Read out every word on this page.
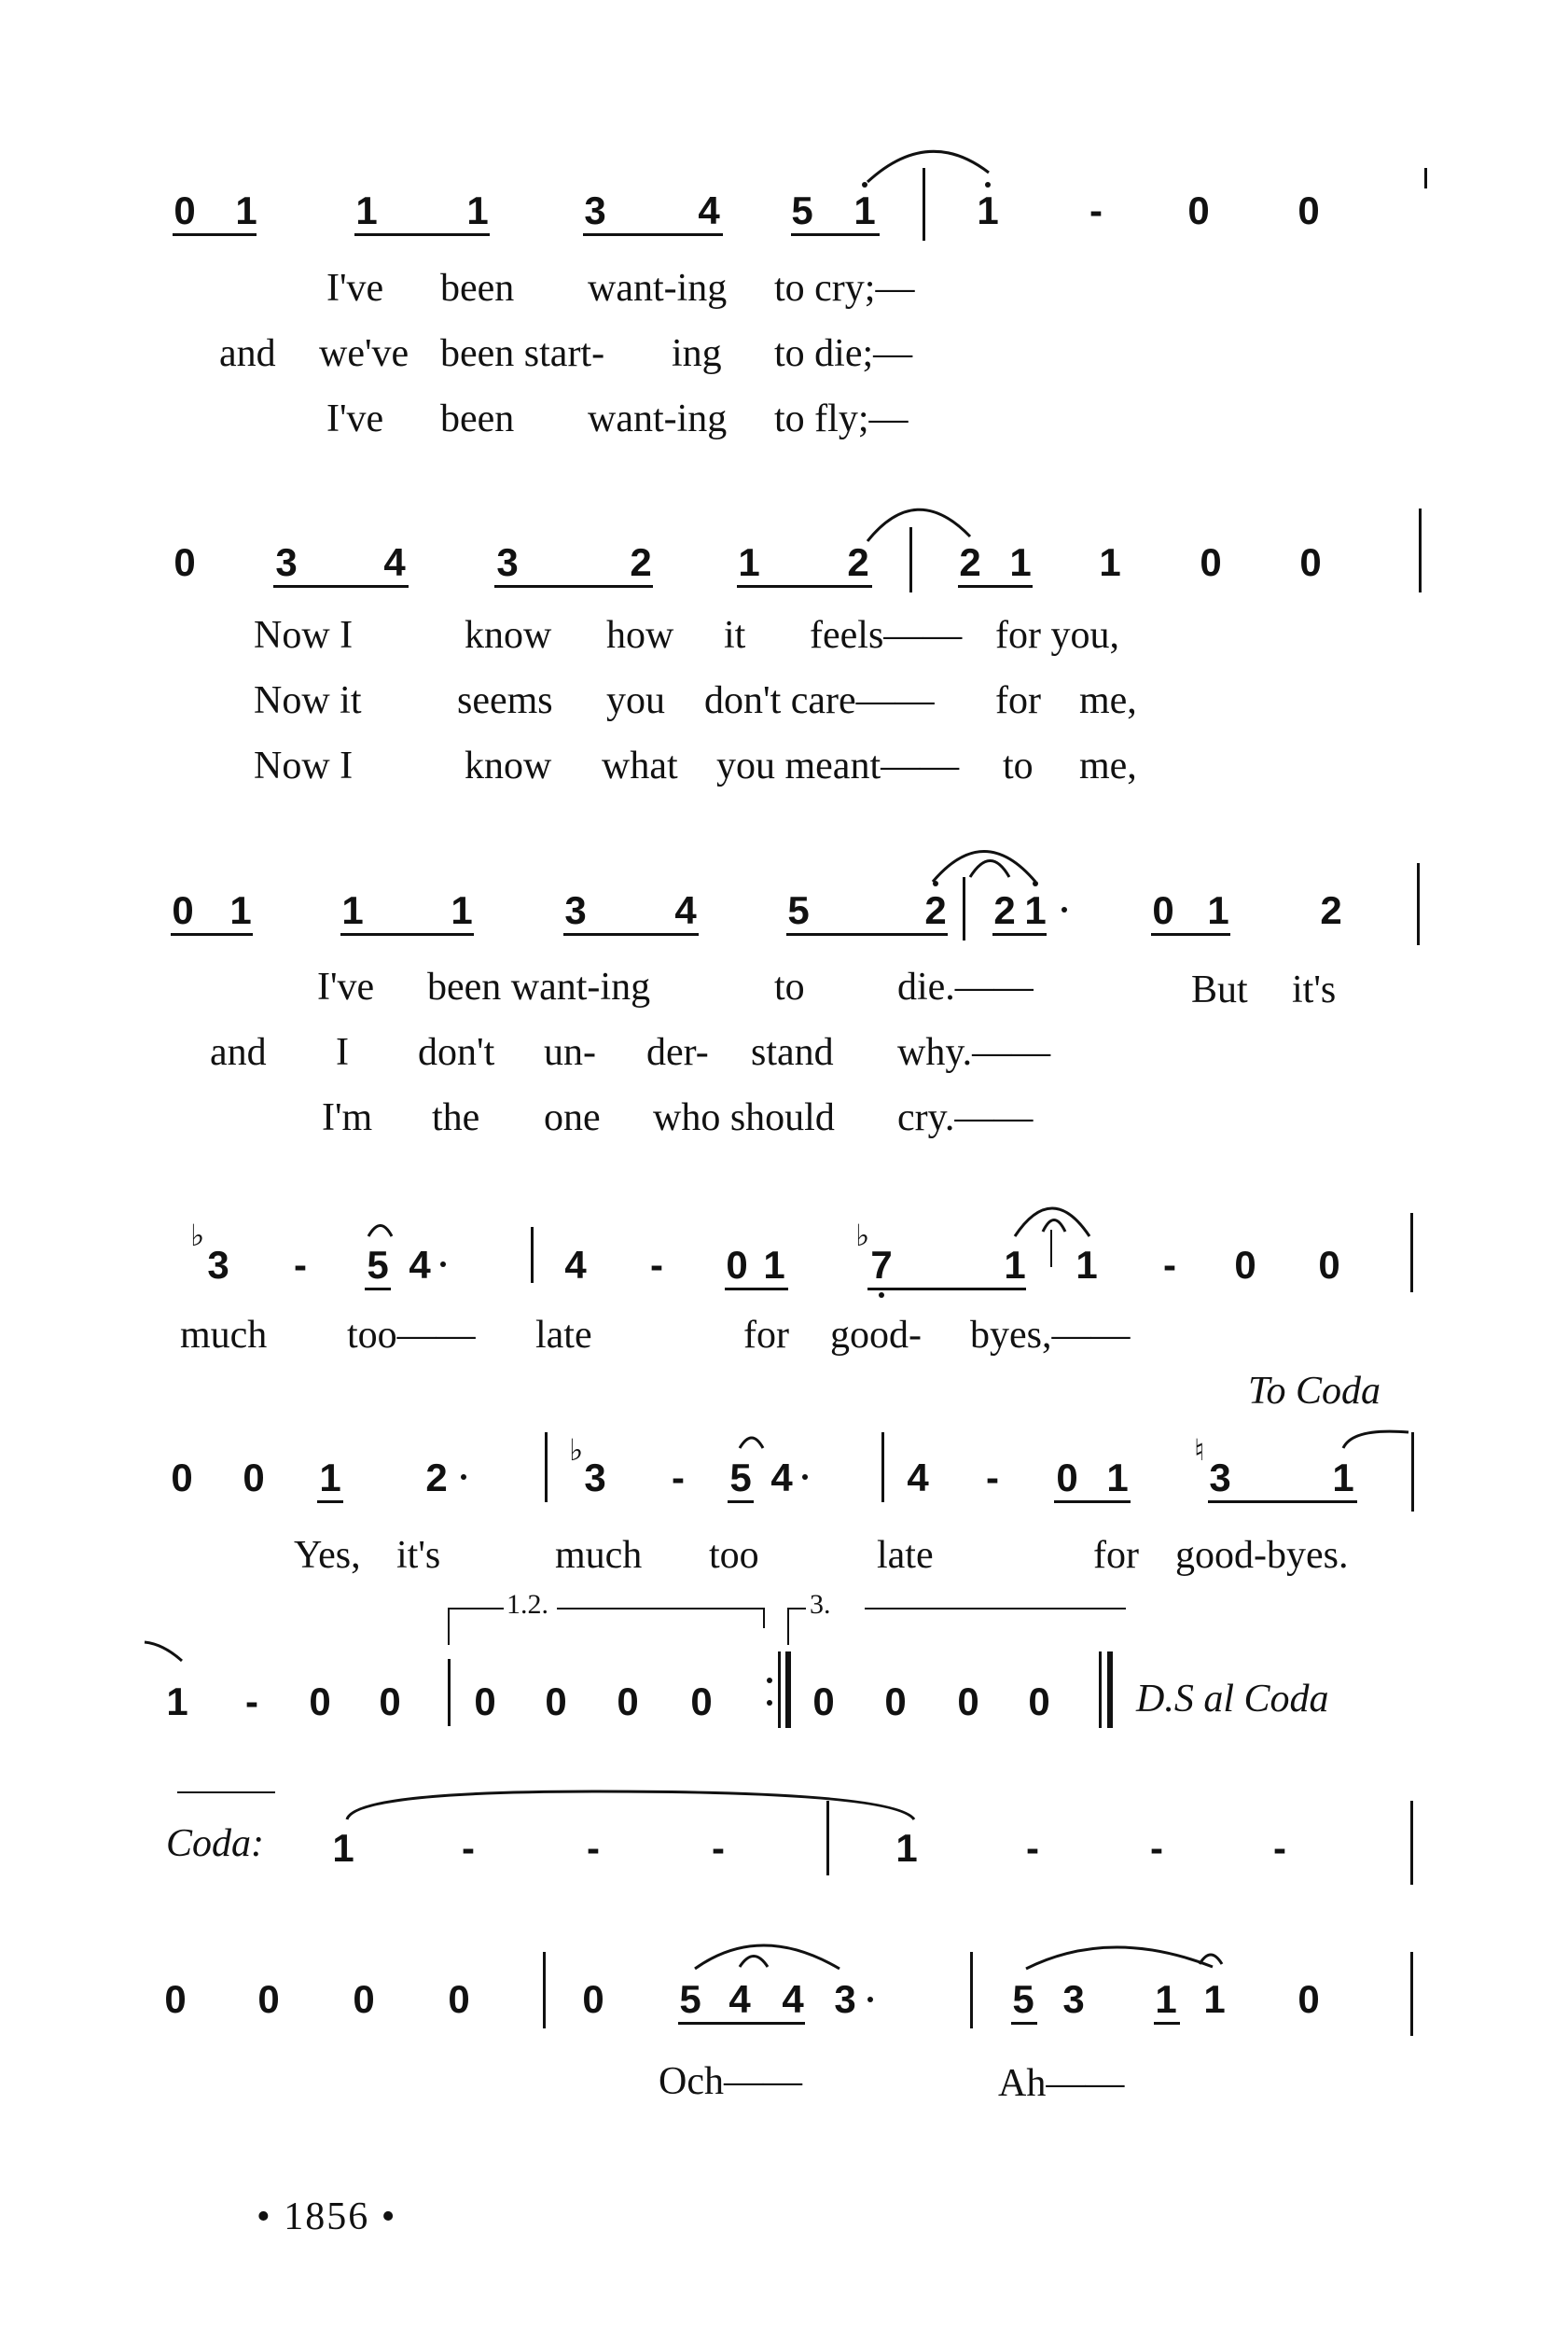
0 1	1 1 3 4 5 1	1 - 0 0
I've been want-ing to cry;—
and we've been start- ing to die;—
I've been want-ing to fly;—
0 3 4 3	2 1 2 2 1 1 0 0
Now I	know how it feels—— for you,
Now it seems you don't care—— for me,
Now I	know what you meant—— to me,
0 1 1 1 3 4 5	2 2 1	0 1 2
I've been want-ing	to die.——
and I don't un- der- stand why.——
I'm the one who should cry.——
But it's
♭
3 - 5 4	4 - 0 1
♭
7	1 1 - 0 0
much too—— late	for good- byes,——
To Coda
0 0 1 2
♭
3 - 5 4	4 - 0 1
♮
3	1
Yes, it's	much too	late	for good-byes.
1.2.	3.
1 - 0 0 0 0 0 0	0 0 0 0 D.S al Coda
Coda: 1	-	-	-	1	-	-	-
0 0 0 0	0 5 4 4 3	5 3 1 1 0
Och——	Ah——
• 1856 •
